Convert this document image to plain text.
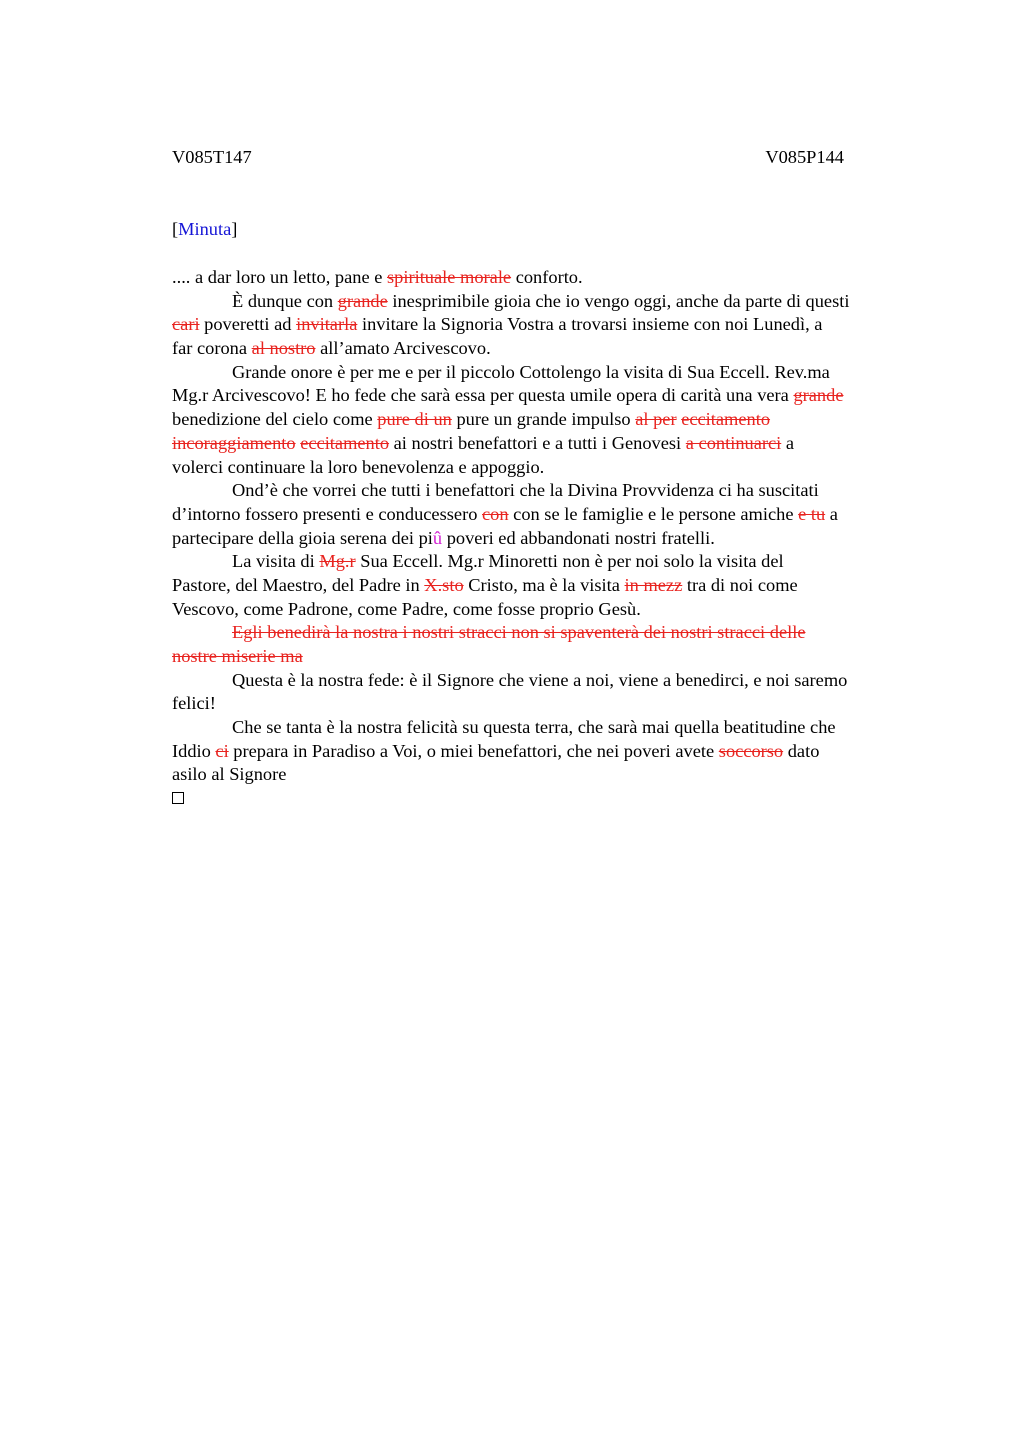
V085T147	V085P144
[Minuta]
.... a dar loro un letto, pane e spirituale morale conforto.
È dunque con grande inesprimibile gioia che io vengo oggi, anche da parte di questi
cari poveretti ad invitarla invitare la Signoria Vostra a trovarsi insieme con noi Lunedì, a
far corona al nostro all’amato Arcivescovo.
Grande onore è per me e per il piccolo Cottolengo la visita di Sua Eccell. Rev.ma
Mg.r Arcivescovo! E ho fede che sarà essa per questa umile opera di carità una vera grande
benedizione del cielo come pure di un pure un grande impulso al per eccitamento
incoraggiamento eccitamento ai nostri benefattori e a tutti i Genovesi a continuarci a
volerci continuare la loro benevolenza e appoggio.
Ond’è che vorrei che tutti i benefattori che la Divina Provvidenza ci ha suscitati
d’intorno fossero presenti e conducessero con con se le famiglie e le persone amiche e tu a
partecipare della gioia serena dei piû poveri ed abbandonati nostri fratelli.
La visita di Mg.r Sua Eccell. Mg.r Minoretti non è per noi solo la visita del
Pastore, del Maestro, del Padre in X.sto Cristo, ma è la visita in mezz tra di noi come
Vescovo, come Padrone, come Padre, come fosse proprio Gesù.
Egli benedirà la nostra i nostri stracci non si spaventerà dei nostri stracci delle
nostre miserie ma
Questa è la nostra fede: è il Signore che viene a noi, viene a benedirci, e noi saremo
felici!
Che se tanta è la nostra felicità su questa terra, che sarà mai quella beatitudine che
Iddio ci prepara in Paradiso a Voi, o miei benefattori, che nei poveri avete soccorso dato
asilo al Signore
